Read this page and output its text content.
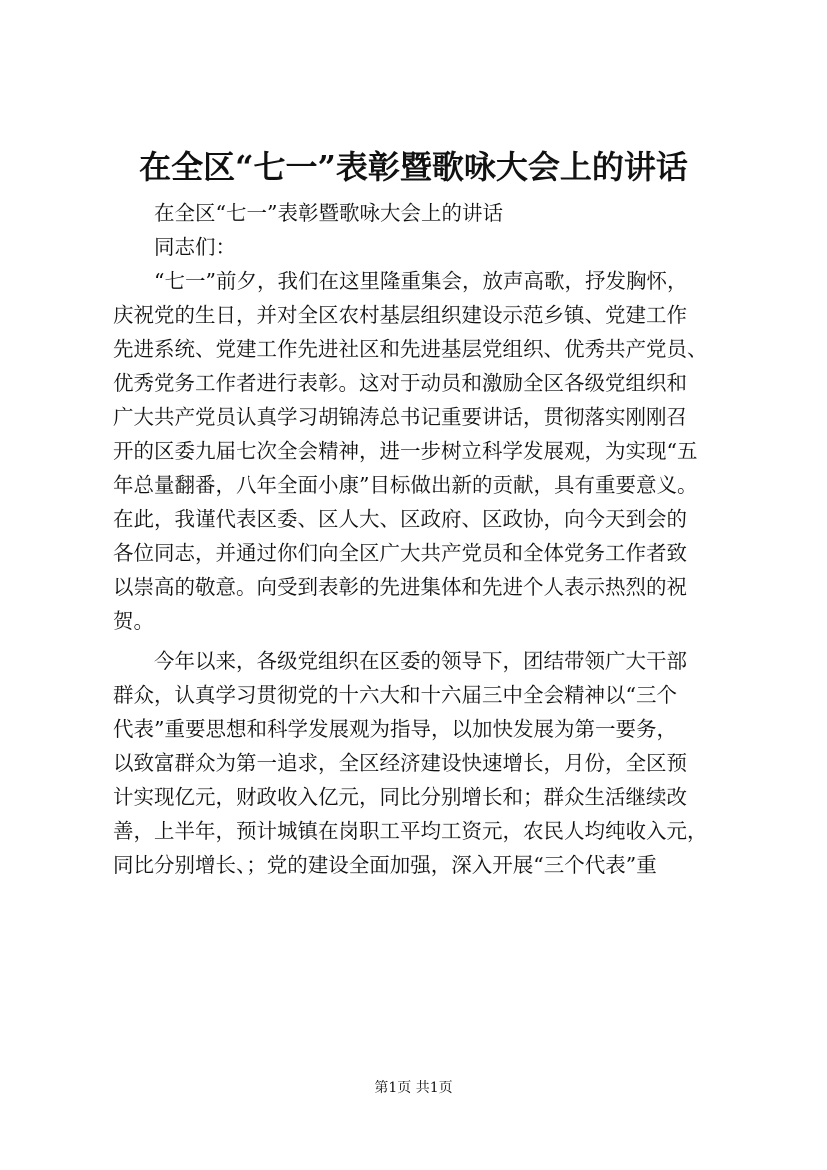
在全区“七一”表彰暨歌咏大会上的讲话
在全区“七一”表彰暨歌咏大会上的讲话
同志们：

“七一”前夕，我们在这里隆重集会，放声高歌，抒发胸怀，
庆祝党的生日，并对全区农村基层组织建设示范乡镇、党建工作
先进系统、党建工作先进社区和先进基层党组织、优秀共产党员、
优秀党务工作者进行表彰。这对于动员和激励全区各级党组织和
广大共产党员认真学习胡锦涛总书记重要讲话，贯彻落实刚刚召
开的区委九届七次全会精神，进一步树立科学发展观，为实现“五
年总量翻番，八年全面小康”目标做出新的贡献，具有重要意义。
在此，我谨代表区委、区人大、区政府、区政协，向今天到会的
各位同志，并通过你们向全区广大共产党员和全体党务工作者致
以崇高的敬意。向受到表彰的先进集体和先进个人表示热烈的祝
贺。

今年以来，各级党组织在区委的领导下，团结带领广大干部
群众，认真学习贯彻党的十六大和十六届三中全会精神以“三个
代表”重要思想和科学发展观为指导，以加快发展为第一要务，
以致富群众为第一追求，全区经济建设快速增长，月份，全区预
计实现亿元，财政收入亿元，同比分别增长和；群众生活继续改
善，上半年，预计城镇在岗职工平均工资元，农民人均纯收入元，
同比分别增长、；党的建设全面加强，深入开展“三个代表”重

第1页 共1页
